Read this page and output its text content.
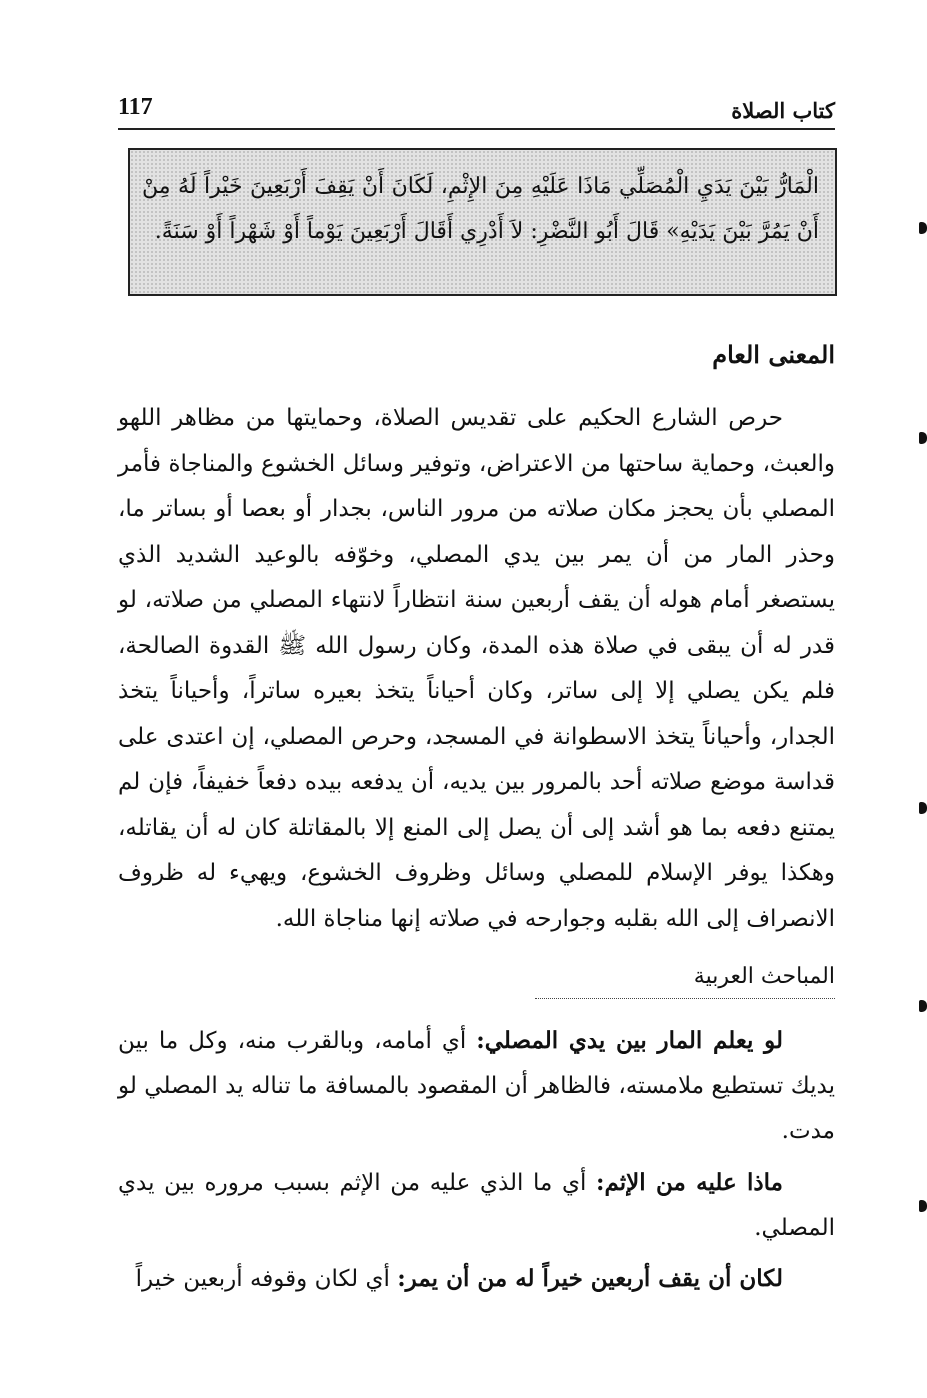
كتاب الصلاة
117
الْمَارُّ بَيْنَ يَدَيِ الْمُصَلِّي مَاذَا عَلَيْهِ مِنَ الإِثْمِ، لَكَانَ أَنْ يَقِفَ أَرْبَعِينَ خَيْراً لَهُ مِنْ أَنْ يَمُرَّ بَيْنَ يَدَيْهِ» قَالَ أَبُو النَّضْرِ: لاَ أَدْرِي أَقَالَ أَرْبَعِينَ يَوْماً أَوْ شَهْراً أَوْ سَنَةً.
المعنى العام

حرص الشارع الحكيم على تقديس الصلاة، وحمايتها من مظاهر اللهو والعبث، وحماية ساحتها من الاعتراض، وتوفير وسائل الخشوع والمناجاة فأمر المصلي بأن يحجز مكان صلاته من مرور الناس، بجدار أو بعصا أو بساتر ما، وحذر المار من أن يمر بين يدي المصلي، وخوّفه بالوعيد الشديد الذي يستصغر أمام هوله أن يقف أربعين سنة انتظاراً لانتهاء المصلي من صلاته، لو قدر له أن يبقى في صلاة هذه المدة، وكان رسول الله ﷺ القدوة الصالحة، فلم يكن يصلي إلا إلى ساتر، وكان أحياناً يتخذ بعيره ساتراً، وأحياناً يتخذ الجدار، وأحياناً يتخذ الاسطوانة في المسجد، وحرص المصلي، إن اعتدى على قداسة موضع صلاته أحد بالمرور بين يديه، أن يدفعه بيده دفعاً خفيفاً، فإن لم يمتنع دفعه بما هو أشد إلى أن يصل إلى المنع إلا بالمقاتلة كان له أن يقاتله، وهكذا يوفر الإسلام للمصلي وسائل وظروف الخشوع، ويهيء له ظروف الانصراف إلى الله بقلبه وجوارحه في صلاته إنها مناجاة الله.

المباحث العربية

لو يعلم المار بين يدي المصلي: أي أمامه، وبالقرب منه، وكل ما بين يديك تستطيع ملامسته، فالظاهر أن المقصود بالمسافة ما تناله يد المصلي لو مدت.

ماذا عليه من الإثم: أي ما الذي عليه من الإثم بسبب مروره بين يدي المصلي.

لكان أن يقف أربعين خيراً له من أن يمر: أي لكان وقوفه أربعين خيراً
